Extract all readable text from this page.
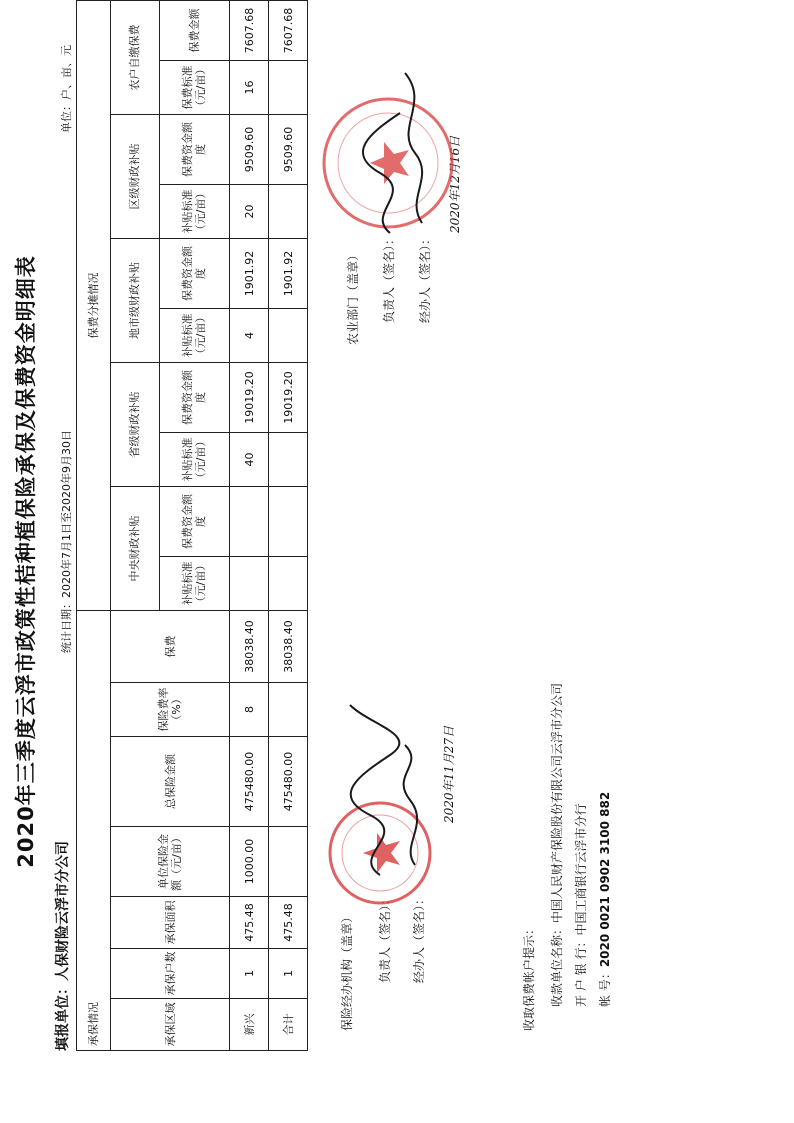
2020年三季度云浮市政策性桔种植保险承保及保费资金明细表
填报单位：人保财险云浮市分公司
统计日期：2020年7月1日至2020年9月30日
单位：户、亩、元
承保情况							保费分摊情况									
承保区域	承保户数	承保面积	单位保险金额（元/亩）	总保险金额	保险费率（%）	保费	中央财政补贴		省级财政补贴		地市级财政补贴		区级财政补贴		农户自缴保费	
							补贴标准（元/亩）	保费资金额度	补贴标准（元/亩）	保费资金额度	补贴标准（元/亩）	保费资金额度	补贴标准（元/亩）	保费资金额度	保费标准（元/亩）	保费金额
新兴	1	475.48	1000.00	475480.00	8	38038.40			40	19019.20	4	1901.92	20	9509.60	16	7607.68
合计	1	475.48		475480.00		38038.40				19019.20		1901.92		9509.60		7607.68
保险经办机构（盖章） 负责人（签名）： 经办人（签名）：
2020年11月27日
农业部门（盖章） 负责人（签名）： 经办人（签名）：
2020年12月16日
收取保费帐户提示： 收款单位名称：中国人民财产保险股份有限公司云浮市分公司
开 户 银 行：中国工商银行云浮市分行
帐 号：2020 0021 0902 3100 882
